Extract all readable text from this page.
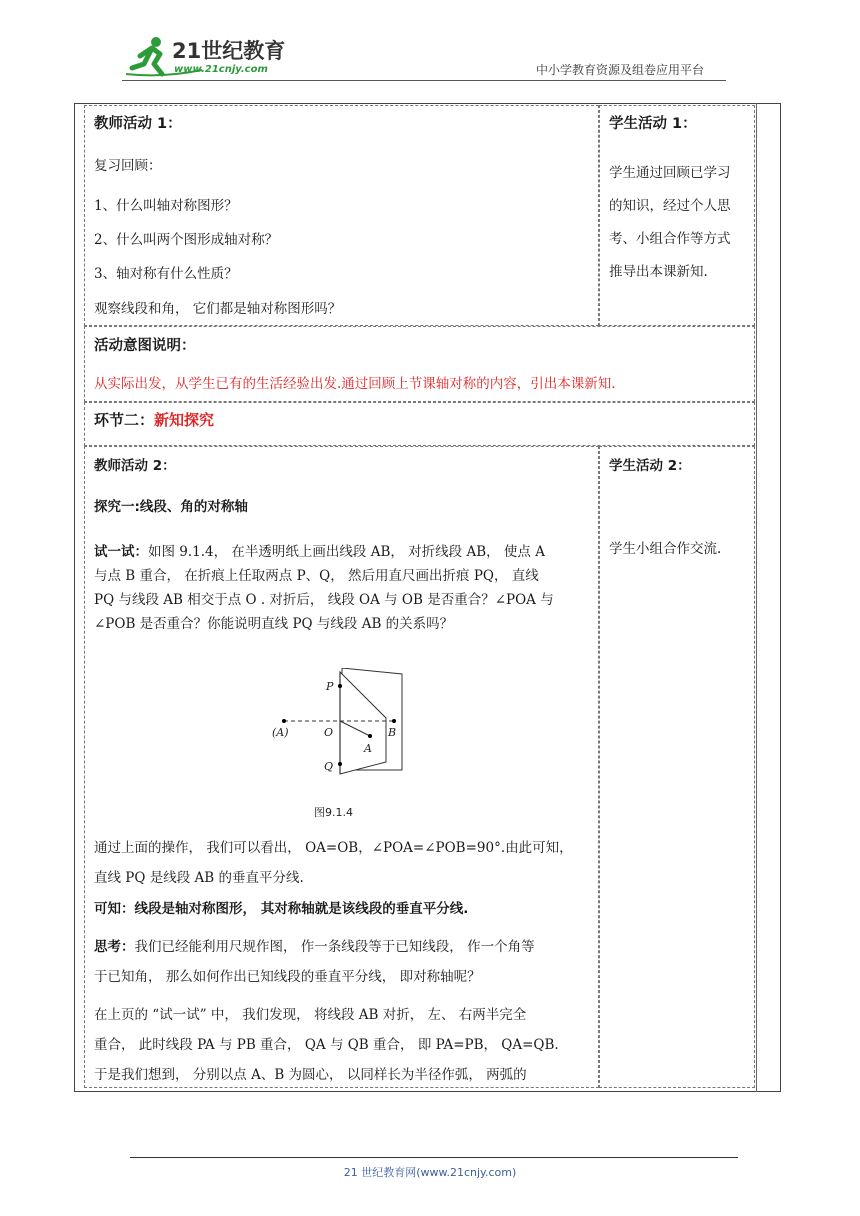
21世纪教育
www.21cnjy.com	中小学教育资源及组卷应用平台
教师活动 1：
复习回顾：
1、什么叫轴对称图形？
2、什么叫两个图形成轴对称？
3、轴对称有什么性质？
观察线段和角， 它们都是轴对称图形吗？
学生活动 1：
学生通过回顾已学习
的知识，经过个人思
考、小组合作等方式
推导出本课新知.
活动意图说明：
从实际出发，从学生已有的生活经验出发.通过回顾上节课轴对称的内容，引出本课新知.
环节二：新知探究
教师活动 2：
探究一:线段、角的对称轴
试一试：如图 9.1.4， 在半透明纸上画出线段 AB， 对折线段 AB， 使点 A
与点 B 重合， 在折痕上任取两点 P、Q， 然后用直尺画出折痕 PQ， 直线
PQ 与线段 AB 相交于点 O . 对折后， 线段 OA 与 OB 是否重合？∠POA 与
∠POB 是否重合？你能说明直线 PQ 与线段 AB 的关系吗？
P
O
Q
A
(A)	B
图9.1.4
通过上面的操作， 我们可以看出， OA=OB，∠POA=∠POB=90°.由此可知，
直线 PQ 是线段 AB 的垂直平分线.
可知：线段是轴对称图形， 其对称轴就是该线段的垂直平分线.
思考：我们已经能利用尺规作图， 作一条线段等于已知线段， 作一个角等
于已知角， 那么如何作出已知线段的垂直平分线， 即对称轴呢？
在上页的 “试一试” 中， 我们发现， 将线段 AB 对折， 左、 右两半完全
重合， 此时线段 PA 与 PB 重合， QA 与 QB 重合， 即 PA=PB， QA=QB.
于是我们想到， 分别以点 A、B 为圆心， 以同样长为半径作弧， 两弧的
学生活动 2：
学生小组合作交流.
21 世纪教育网(www.21cnjy.com)
